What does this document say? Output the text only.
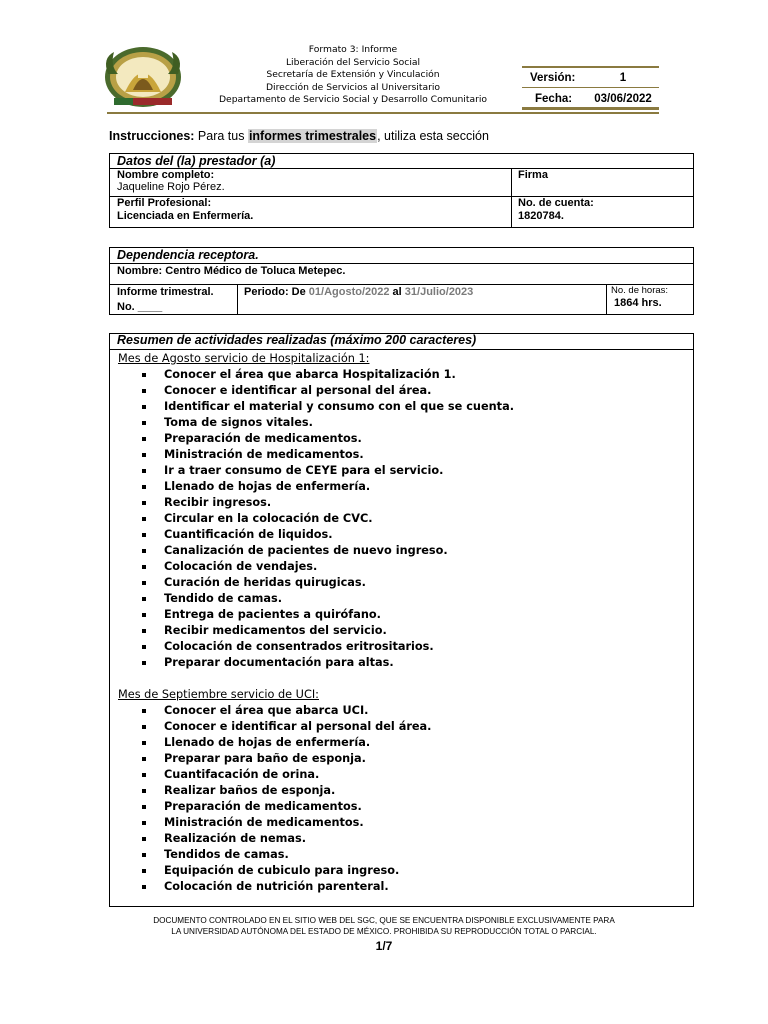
Formato 3: Informe
Liberación del Servicio Social
Secretaría de Extensión y Vinculación
Dirección de Servicios al Universitario
Departamento de Servicio Social y Desarrollo Comunitario
Versión:	1
Fecha: 03/06/2022
Instrucciones: Para tus informes trimestrales, utiliza esta sección
Datos del (la) prestador (a)
Nombre completo:
Jaqueline Rojo Pérez.
Firma
Perfil Profesional:
Licenciada en Enfermería.
No. de cuenta:
1820784.
Dependencia receptora.
Nombre: Centro Médico de Toluca Metepec.
Informe trimestral.
No. ____
Periodo: De 01/Agosto/2022 al 31/Julio/2023	No. de horas:
1864 hrs.
Resumen de actividades realizadas (máximo 200 caracteres)
Mes de Agosto servicio de Hospitalización 1:
Conocer el área que abarca Hospitalización 1.
Conocer e identificar al personal del área.
Identificar el material y consumo con el que se cuenta.
Toma de signos vitales.
Preparación de medicamentos.
Ministración de medicamentos.
Ir a traer consumo de CEYE para el servicio.
Llenado de hojas de enfermería.
Recibir ingresos.
Circular en la colocación de CVC.
Cuantificación de liquidos.
Canalización de pacientes de nuevo ingreso.
Colocación de vendajes.
Curación de heridas quirugicas.
Tendido de camas.
Entrega de pacientes a quirófano.
Recibir medicamentos del servicio.
Colocación de consentrados eritrositarios.
Preparar documentación para altas.
Mes de Septiembre servicio de UCI:
Conocer el área que abarca UCI.
Conocer e identificar al personal del área.
Llenado de hojas de enfermería.
Preparar para baño de esponja.
Cuantifacación de orina.
Realizar baños de esponja.
Preparación de medicamentos.
Ministración de medicamentos.
Realización de nemas.
Tendidos de camas.
Equipación de cubiculo para ingreso.
Colocación de nutrición parenteral.
DOCUMENTO CONTROLADO EN EL SITIO WEB DEL SGC, QUE SE ENCUENTRA DISPONIBLE EXCLUSIVAMENTE PARA
LA UNIVERSIDAD AUTÓNOMA DEL ESTADO DE MÉXICO. PROHIBIDA SU REPRODUCCIÓN TOTAL O PARCIAL.
1/7
